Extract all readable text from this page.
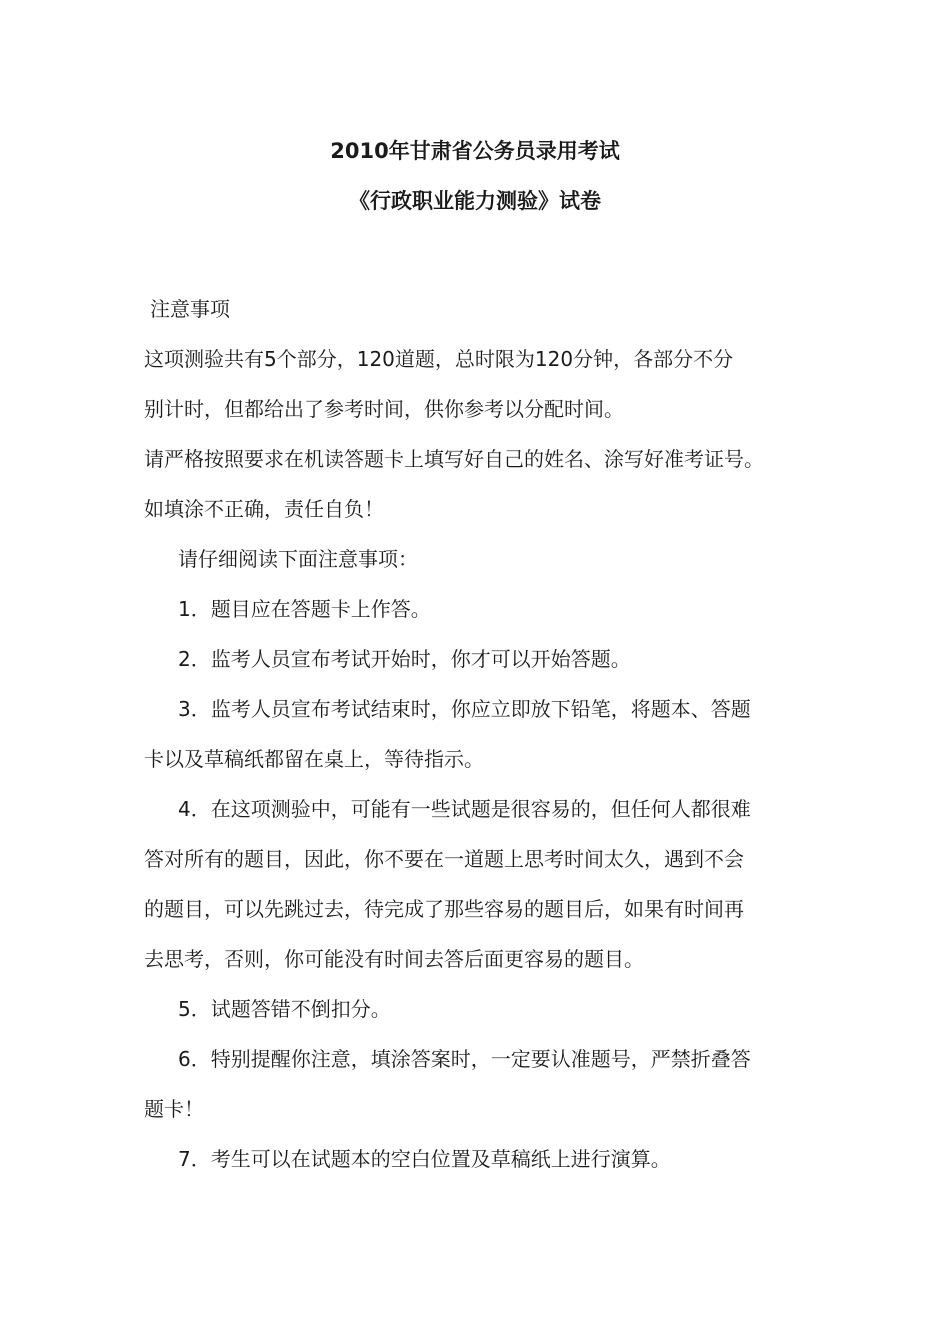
2010年甘肃省公务员录用考试
《行政职业能力测验》试卷
注意事项
这项测验共有5个部分，120道题，总时限为120分钟，各部分不分
别计时，但都给出了参考时间，供你参考以分配时间。
请严格按照要求在机读答题卡上填写好自己的姓名、涂写好准考证号。
如填涂不正确，责任自负！
请仔细阅读下面注意事项：
1．题目应在答题卡上作答。
2．监考人员宣布考试开始时，你才可以开始答题。
3．监考人员宣布考试结束时，你应立即放下铅笔，将题本、答题
卡以及草稿纸都留在桌上，等待指示。
4．在这项测验中，可能有一些试题是很容易的，但任何人都很难
答对所有的题目，因此，你不要在一道题上思考时间太久，遇到不会
的题目，可以先跳过去，待完成了那些容易的题目后，如果有时间再
去思考，否则，你可能没有时间去答后面更容易的题目。
5．试题答错不倒扣分。
6．特别提醒你注意，填涂答案时，一定要认准题号，严禁折叠答
题卡！
7．考生可以在试题本的空白位置及草稿纸上进行演算。
